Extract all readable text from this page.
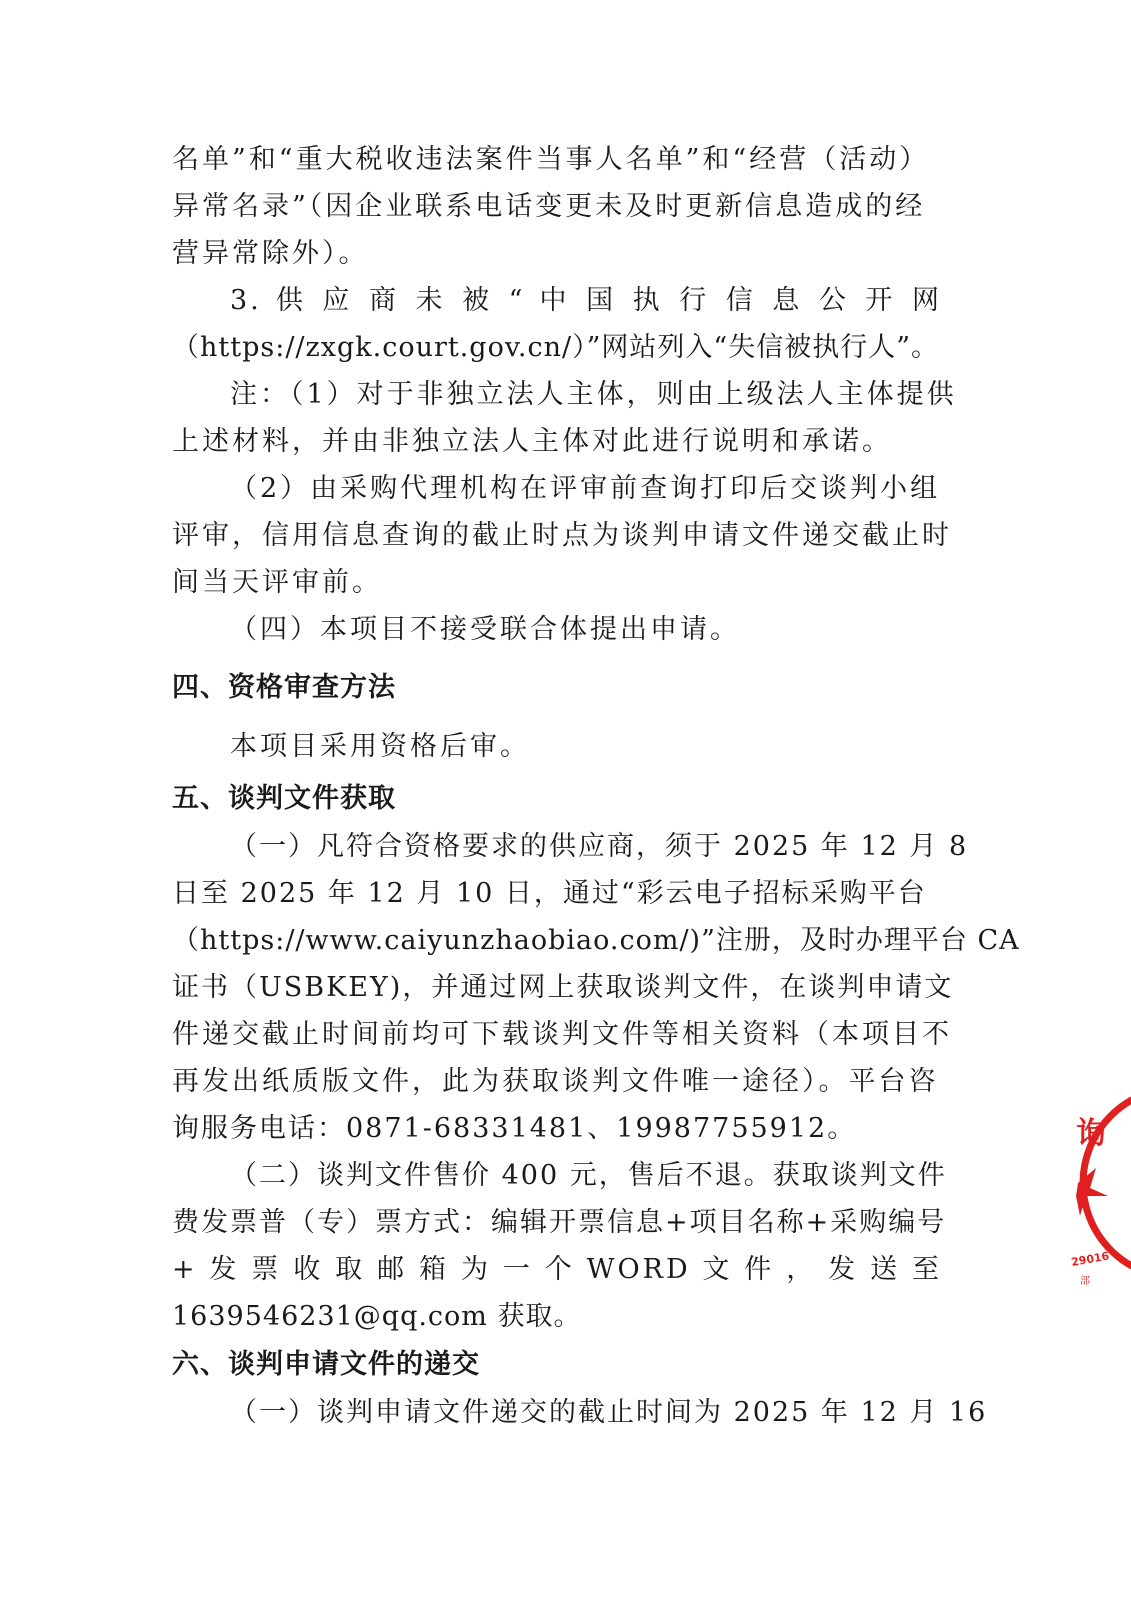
名单”和“重大税收违法案件当事人名单”和“经营（活动）
异常名录”（因企业联系电话变更未及时更新信息造成的经
营异常除外）。
3. 供 应 商 未 被 “ 中 国 执 行 信 息 公 开 网
（https://zxgk.court.gov.cn/）”网站列入“失信被执行人”。
注：（1）对于非独立法人主体，则由上级法人主体提供
上述材料，并由非独立法人主体对此进行说明和承诺。
（2）由采购代理机构在评审前查询打印后交谈判小组
评审，信用信息查询的截止时点为谈判申请文件递交截止时
间当天评审前。
（四）本项目不接受联合体提出申请。
四、资格审查方法
本项目采用资格后审。
五、谈判文件获取
（一）凡符合资格要求的供应商，须于 2025 年 12 月 8
日至 2025 年 12 月 10 日，通过“彩云电子招标采购平台
（https://www.caiyunzhaobiao.com/)”注册，及时办理平台 CA
证书（USBKEY)，并通过网上获取谈判文件，在谈判申请文
件递交截止时间前均可下载谈判文件等相关资料（本项目不
再发出纸质版文件，此为获取谈判文件唯一途径）。平台咨
询服务电话：0871-68331481、19987755912。
（二）谈判文件售价 400 元，售后不退。获取谈判文件
费发票普（专）票方式：编辑开票信息+项目名称+采购编号
+ 发 票 收 取 邮 箱 为 一 个 WORD 文 件 ， 发 送 至
1639546231@qq.com 获取。
六、谈判申请文件的递交
（一）谈判申请文件递交的截止时间为 2025 年 12 月 16
询
29016
部
